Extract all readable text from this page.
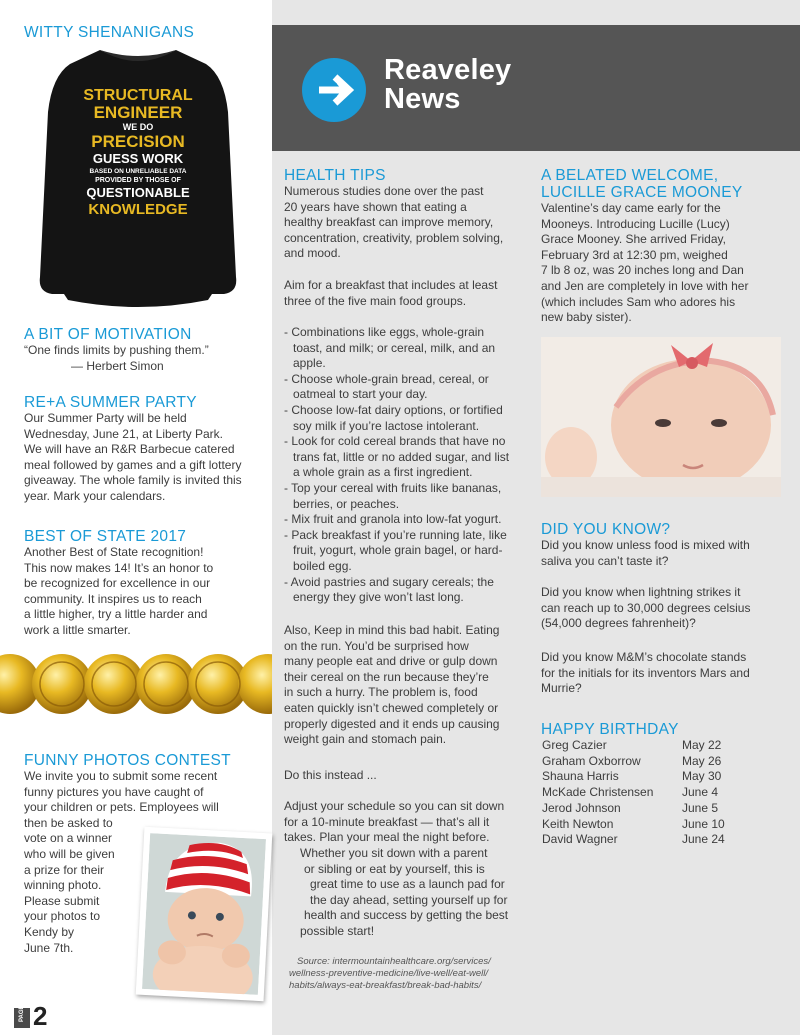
Reaveley
News
WITTY SHENANIGANS
STRUCTURAL
ENGINEER
WE DO
PRECISION
GUESS WORK
BASED ON UNRELIABLE DATA
PROVIDED BY THOSE OF
QUESTIONABLE
KNOWLEDGE
A BIT OF MOTIVATION

“One finds limits by pushing them.”

— Herbert Simon

RE+A SUMMER PARTY

Our Summer Party will be held

Wednesday, June 21, at Liberty Park.

We will have an R&R Barbecue catered

meal followed by games and a gift lottery

giveaway. The whole family is invited this

year. Mark your calendars.

BEST OF STATE 2017

Another Best of State recognition!

This now makes 14! It’s an honor to

be recognized for excellence in our

community. It inspires us to reach

a little higher, try a little harder and

work a little smarter.

FUNNY PHOTOS CONTEST

We invite you to submit some recent

funny pictures you have caught of

your children or pets. Employees will

then be asked to

vote on a winner

who will be given

a prize for their

winning photo.

Please submit

your photos to

Kendy by

June 7th.

PAGE 2
HEALTH TIPS

Numerous studies done over the past

20 years have shown that eating a

healthy breakfast can improve memory,

concentration, creativity, problem solving,

and mood.

Aim for a breakfast that includes at least

three of the five main food groups.

- Combinations like eggs, whole-grain
toast, and milk; or cereal, milk, and an
apple.
- Choose whole-grain bread, cereal, or
oatmeal to start your day.
- Choose low-fat dairy options, or fortified
soy milk if you’re lactose intolerant.
- Look for cold cereal brands that have no
trans fat, little or no added sugar, and list
a whole grain as a first ingredient.
- Top your cereal with fruits like bananas,
berries, or peaches.
- Mix fruit and granola into low-fat yogurt.
- Pack breakfast if you’re running late, like
fruit, yogurt, whole grain bagel, or hard-
boiled egg.
- Avoid pastries and sugary cereals; the
energy they give won’t last long.

Also, Keep in mind this bad habit. Eating

on the run. You’d be surprised how

many people eat and drive or gulp down

their cereal on the run because they’re

in such a hurry. The problem is, food

eaten quickly isn’t chewed completely or

properly digested and it ends up causing

weight gain and stomach pain.

Do this instead ...

Adjust your schedule so you can sit down

for a 10-minute breakfast — that’s all it

takes. Plan your meal the night before.

Whether you sit down with a parent

or sibling or eat by yourself, this is

great time to use as a launch pad for

the day ahead, setting yourself up for

health and success by getting the best

possible start!

Source: intermountainhealthcare.org/services/

wellness-preventive-medicine/live-well/eat-well/

habits/always-eat-breakfast/break-bad-habits/

A BELATED WELCOME,
LUCILLE GRACE MOONEY

Valentine’s day came early for the

Mooneys. Introducing Lucille (Lucy)

Grace Mooney. She arrived Friday,

February 3rd at 12:30 pm, weighed

7 lb 8 oz, was 20 inches long and Dan

and Jen are completely in love with her

(which includes Sam who adores his

new baby sister).

DID YOU KNOW?

Did you know unless food is mixed with

saliva you can’t taste it?

Did you know when lightning strikes it

can reach up to 30,000 degrees celsius

(54,000 degrees fahrenheit)?

Did you know M&M’s chocolate stands

for the initials for its inventors Mars and

Murrie?

HAPPY BIRTHDAY
Greg Cazier	May 22
Graham Oxborrow	May 26
Shauna Harris	May 30
McKade Christensen	June 4
Jerod Johnson	June 5
Keith Newton	June 10
David Wagner	June 24
